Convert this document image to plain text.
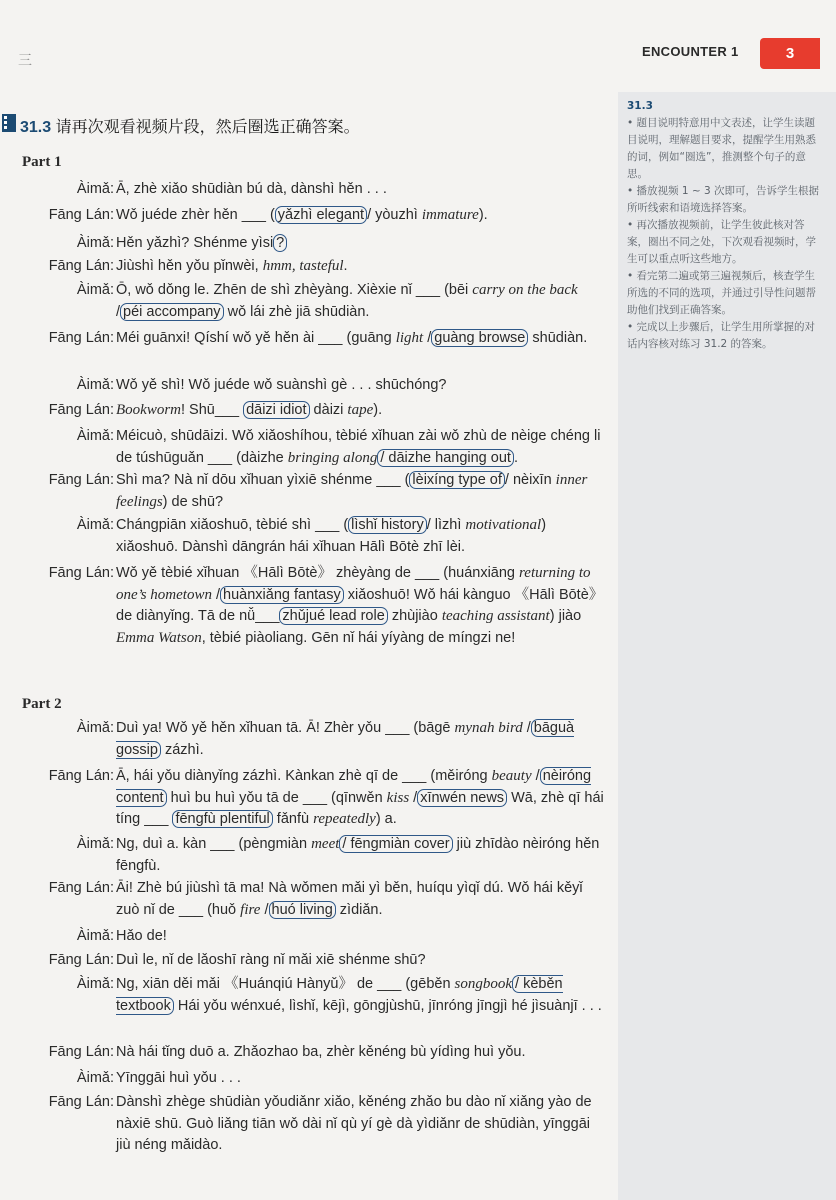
三
ENCOUNTER 1	3
31.3
• 题目说明特意用中文表述，让学生读题目说明，理解题目要求，提醒学生用熟悉的词，例如“圈选”，推测整个句子的意思。
• 播放视频 1 ~ 3 次即可，告诉学生根据所听线索和语境选择答案。
• 再次播放视频前，让学生彼此核对答案，圈出不同之处，下次观看视频时，学生可以重点听这些地方。
• 看完第二遍或第三遍视频后，核查学生所选的不同的选项，并通过引导性问题帮助他们找到正确答案。
• 完成以上步骤后，让学生用所掌握的对话内容核对练习 31.2 的答案。
31.3 请再次观看视频片段，然后圈选正确答案。
Part 1
Part 2
Àimǎ: Ā, zhè xiǎo shūdiàn bú dà, dànshì hěn . . .
Fāng Lán: Wǒ juéde zhèr hěn ___ ( yǎzhì elegant / yòuzhì immature).
Àimǎ: Hěn yǎzhì? Shénme yìsi ?
Fāng Lán: Jiùshì hěn yǒu pǐnwèi, hmm, tasteful.
Àimǎ: Ō, wǒ dǒng le. Zhēn de shì zhèyàng. Xièxie nǐ ___ (bēi carry on the back / péi accompany wǒ lái zhè jiā shūdiàn.
Fāng Lán: Méi guānxi! Qíshí wǒ yě hěn ài ___ (guāng light / guàng browse shūdiàn.
Àimǎ: Wǒ yě shì! Wǒ juéde wǒ suànshì gè . . . shūchóng?
Fāng Lán: Bookworm! Shū___ dāizi idiot dàizi tape).
Àimǎ: Méicuò, shūdāizi. Wǒ xiǎoshíhou, tèbié xǐhuan zài wǒ zhù de nèige chéng li de túshūguǎn ___ (dàizhe bringing along / dāizhe hanging out .
Fāng Lán: Shì ma? Nà nǐ dōu xǐhuan yìxiē shénme ___ ( lèixíng type of / nèixīn inner feelings) de shū?
Àimǎ: Chángpiān xiǎoshuō, tèbié shì ___ ( lìshǐ history / lìzhì motivational) xiǎoshuō. Dànshì dāngrán hái xǐhuan Hālì Bōtè zhī lèi.
Fāng Lán: Wǒ yě tèbié xǐhuan 《Hālì Bōtè》 zhèyàng de ___ (huánxiāng returning to one’s hometown / huànxiǎng fantasy xiǎoshuō! Wǒ hái kànguo 《Hālì Bōtè》 de diànyǐng. Tā de nǚ___ zhǔjué lead role zhùjiào teaching assistant) jiào Emma Watson, tèbié piàoliang. Gēn nǐ hái yíyàng de míngzi ne!
Àimǎ: Duì ya! Wǒ yě hěn xǐhuan tā. Ā! Zhèr yǒu ___ (bāgē mynah bird / bāguà gossip zázhì.
Fāng Lán: Ā, hái yǒu diànyǐng zázhì. Kànkan zhè qī de ___ (měiróng beauty / nèiróng content huì bu huì yǒu tā de ___ (qīnwěn kiss / xīnwén news Wā, zhè qī hái tíng ___ fēngfù plentiful fǎnfù repeatedly) a.
Àimǎ: Ng, duì a. kàn ___ (pèngmiàn meet / fēngmiàn cover jiù zhīdào nèiróng hěn fēngfù.
Fāng Lán: Āi! Zhè bú jiùshì tā ma! Nà wǒmen mǎi yì běn, huíqu yìqǐ dú. Wǒ hái kěyǐ zuò nǐ de ___ (huǒ fire / huó living zìdiǎn.
Àimǎ: Hǎo de!
Fāng Lán: Duì le, nǐ de lǎoshī ràng nǐ mǎi xiē shénme shū?
Àimǎ: Ng, xiān děi mǎi 《Huánqiú Hànyǔ》 de ___ (gēběn songbook / kèběn textbook Hái yǒu wénxué, lìshǐ, kējì, gōngjùshū, jīnróng jīngjì hé jìsuànjī . . .
Fāng Lán: Nà hái tǐng duō a. Zhǎozhao ba, zhèr kěnéng bù yídìng huì yǒu.
Àimǎ: Yīnggāi huì yǒu . . .
Fāng Lán: Dànshì zhège shūdiàn yǒudiǎnr xiǎo, kěnéng zhǎo bu dào nǐ xiǎng yào de nàxiē shū. Guò liǎng tiān wǒ dài nǐ qù yí gè dà yìdiǎnr de shūdiàn, yīnggāi jiù néng mǎidào.
